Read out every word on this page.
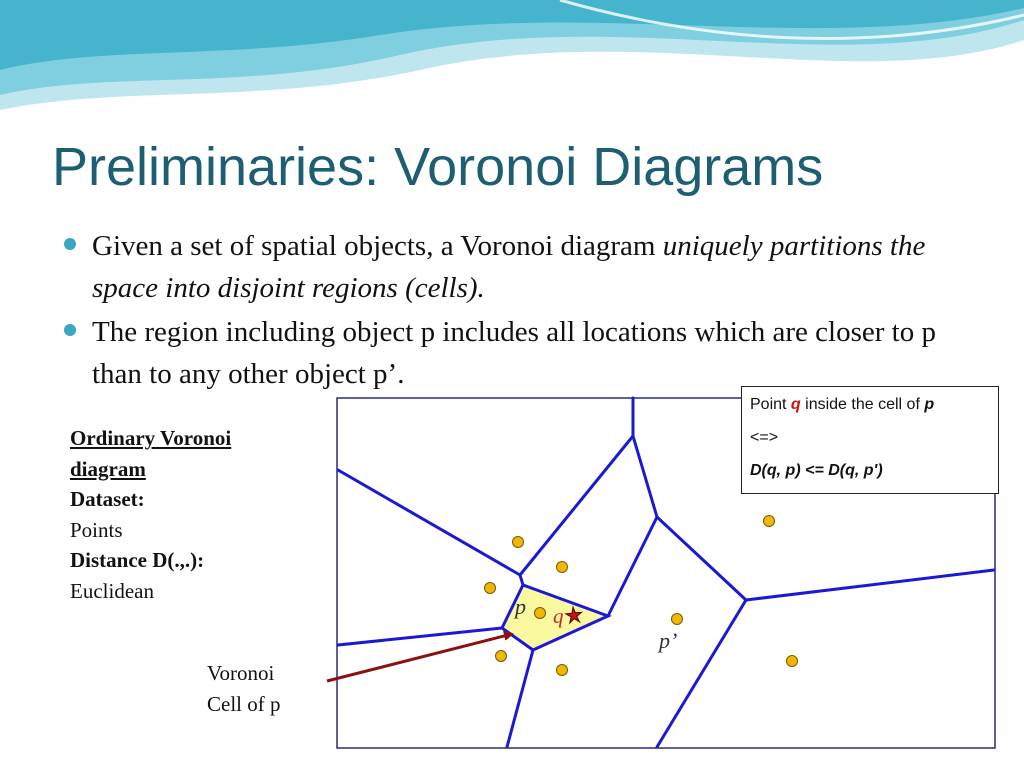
Preliminaries: Voronoi Diagrams
Given a set of spatial objects, a Voronoi diagram uniquely partitions the space into disjoint regions (cells).
The region including object p includes all locations which are closer to p than to any other object p’.
Ordinary Voronoi
diagram
Dataset:
Points
Distance D(.,.):
Euclidean
Voronoi
Cell of p
p q
p’
Point q inside the cell of p
<=>
D(q, p) <= D(q, p')
